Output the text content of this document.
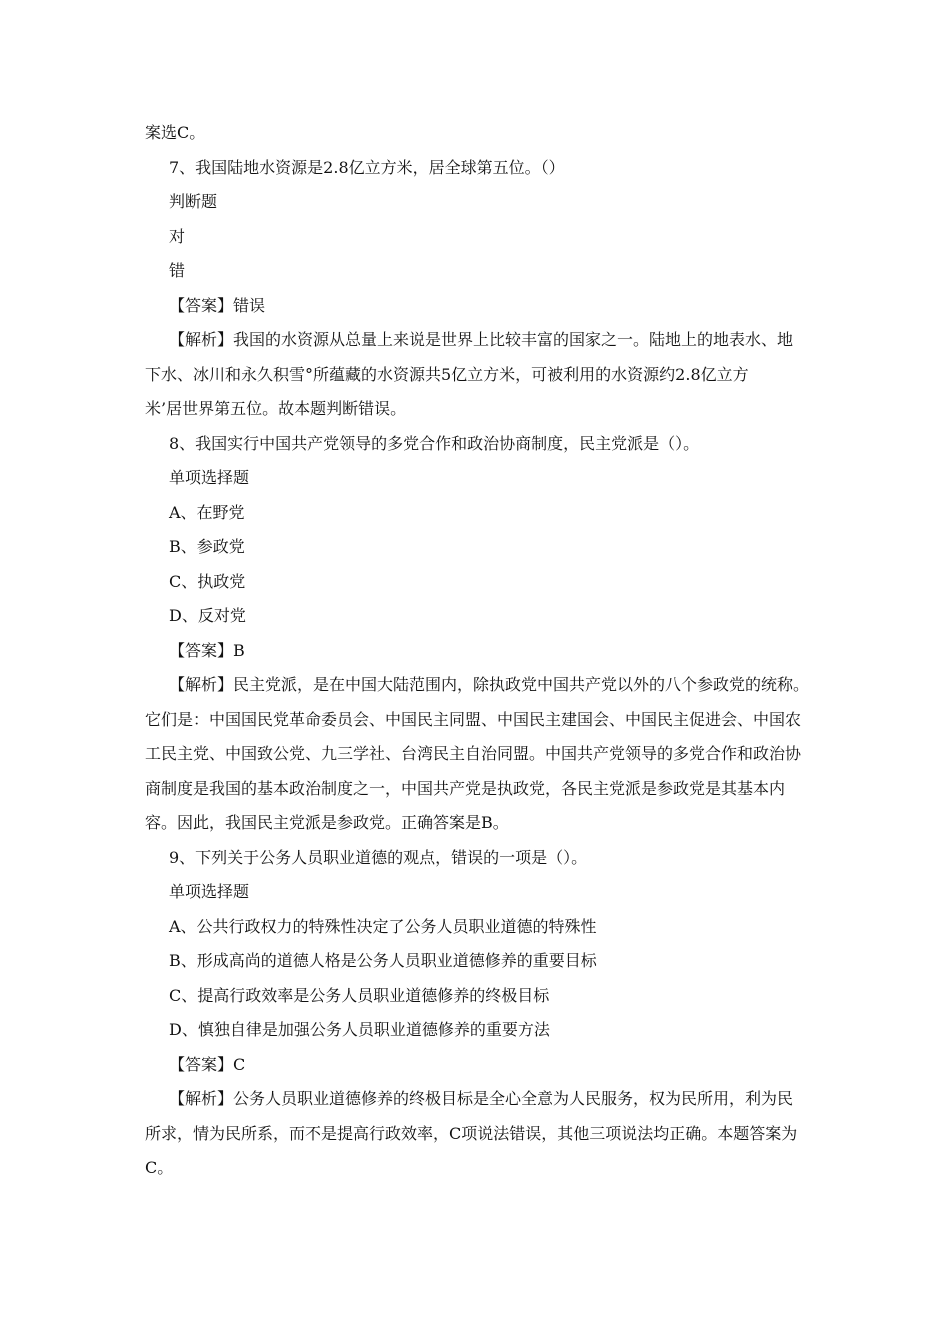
案选C。
7、我国陆地水资源是2.8亿立方米，居全球第五位。（）
判断题
对
错
【答案】错误
【解析】我国的水资源从总量上来说是世界上比较丰富的国家之一。陆地上的地表水、地
下水、冰川和永久积雪°所蕴藏的水资源共5亿立方米，可被利用的水资源约2.8亿立方
米’居世界第五位。故本题判断错误。
8、我国实行中国共产党领导的多党合作和政治协商制度，民主党派是（）。
单项选择题
A、在野党
B、参政党
C、执政党
D、反对党
【答案】B
【解析】民主党派，是在中国大陆范围内，除执政党中国共产党以外的八个参政党的统称。
它们是：中国国民党革命委员会、中国民主同盟、中国民主建国会、中国民主促进会、中国农
工民主党、中国致公党、九三学社、台湾民主自治同盟。中国共产党领导的多党合作和政治协
商制度是我国的基本政治制度之一，中国共产党是执政党，各民主党派是参政党是其基本内
容。因此，我国民主党派是参政党。正确答案是B。
9、下列关于公务人员职业道德的观点，错误的一项是（）。
单项选择题
A、公共行政权力的特殊性决定了公务人员职业道德的特殊性
B、形成高尚的道德人格是公务人员职业道德修养的重要目标
C、提高行政效率是公务人员职业道德修养的终极目标
D、慎独自律是加强公务人员职业道德修养的重要方法
【答案】C
【解析】公务人员职业道德修养的终极目标是全心全意为人民服务，权为民所用，利为民
所求，情为民所系，而不是提高行政效率，C项说法错误，其他三项说法均正确。本题答案为
C。
